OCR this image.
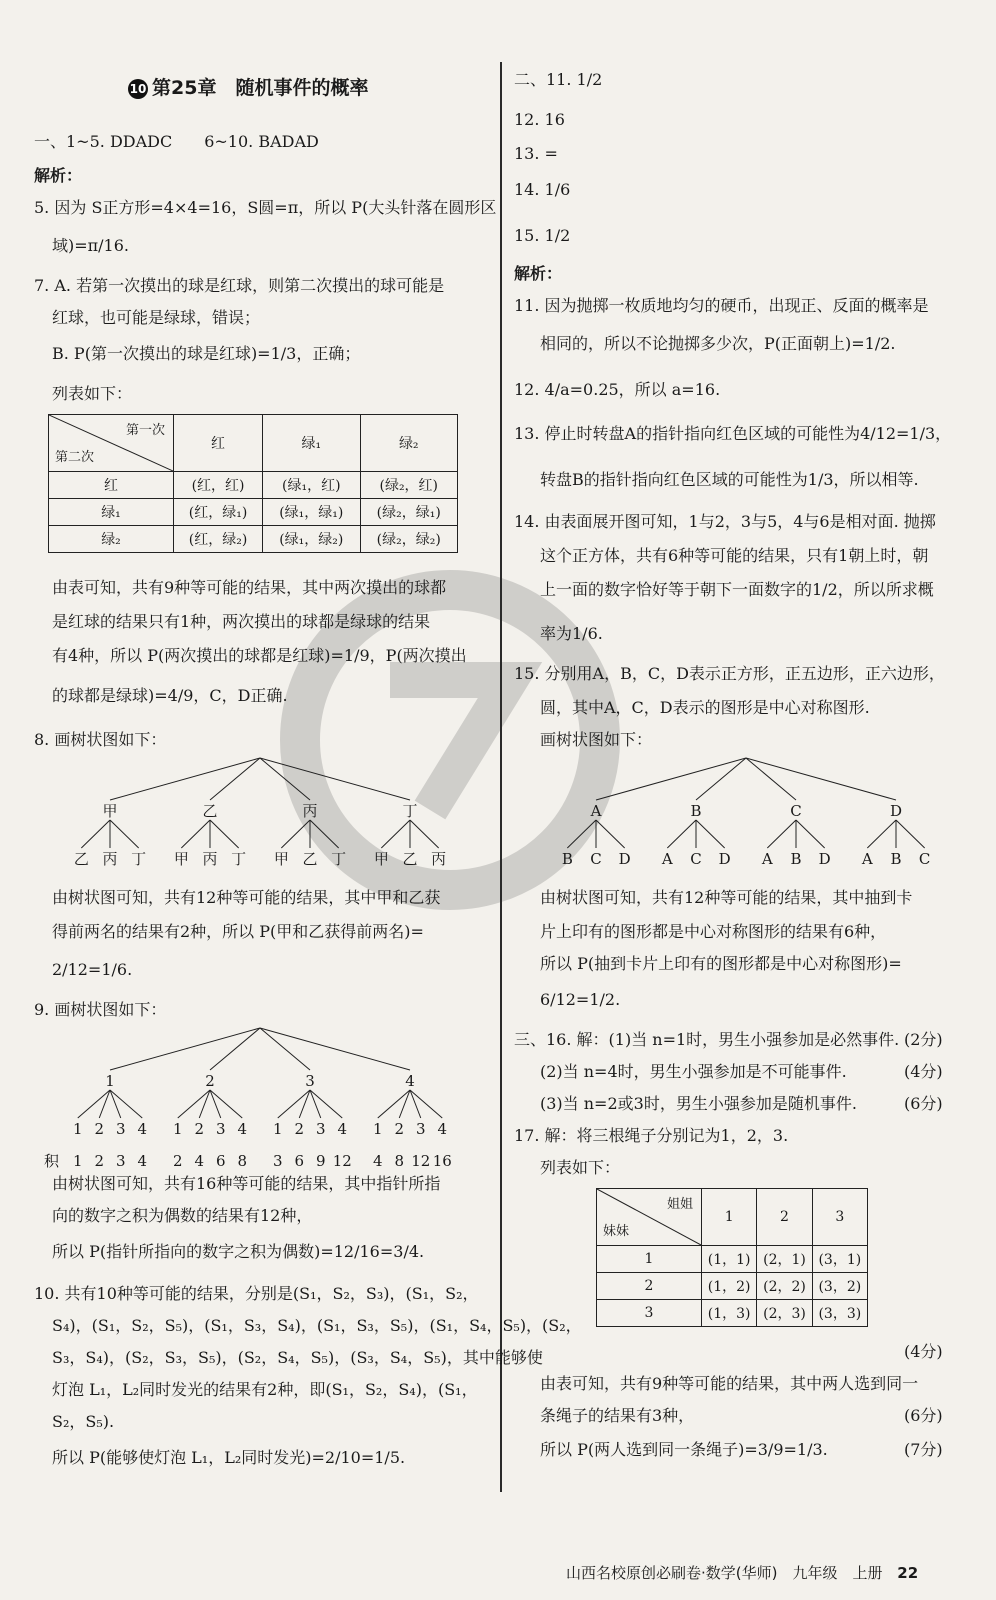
10 第25章　随机事件的概率
一、1~5. DDADC　　6~10. BADAD
解析：
5. 因为 S正方形=4×4=16，S圆=π，所以 P(大头针落在圆形区
域)=π/16.
7. A. 若第一次摸出的球是红球，则第二次摸出的球可能是
红球，也可能是绿球，错误；
B. P(第一次摸出的球是红球)=1/3，正确；
列表如下：
第一次
第二次	红	绿₁	绿₂
红	(红，红)	(绿₁，红)	(绿₂，红)
绿₁	(红，绿₁)	(绿₁，绿₁)	(绿₂，绿₁)
绿₂	(红，绿₂)	(绿₁，绿₂)	(绿₂，绿₂)
由表可知，共有9种等可能的结果，其中两次摸出的球都
是红球的结果只有1种，两次摸出的球都是绿球的结果
有4种，所以 P(两次摸出的球都是红球)=1/9，P(两次摸出
的球都是绿球)=4/9，C，D正确.
8. 画树状图如下：
甲
乙 丙 丁
乙
甲 丙 丁
丙
甲 乙 丁
丁
甲 乙 丙
由树状图可知，共有12种等可能的结果，其中甲和乙获
得前两名的结果有2种，所以 P(甲和乙获得前两名)=
2/12=1/6.
9. 画树状图如下：
1
1
1
2
2
3
3
4
4
2
1
2
2
4
3
6
4
8
3
1
3
2
6
3
9
4
12
4
1
4
2
8
3
12
4
16
积
由树状图可知，共有16种等可能的结果，其中指针所指
向的数字之积为偶数的结果有12种，
所以 P(指针所指向的数字之积为偶数)=12/16=3/4.
10. 共有10种等可能的结果，分别是(S₁，S₂，S₃)，(S₁，S₂，
S₄)，(S₁，S₂，S₅)，(S₁，S₃，S₄)，(S₁，S₃，S₅)，(S₁，S₄，S₅)，(S₂，
S₃，S₄)，(S₂，S₃，S₅)，(S₂，S₄，S₅)，(S₃，S₄，S₅)，其中能够使
灯泡 L₁，L₂同时发光的结果有2种，即(S₁，S₂，S₄)，(S₁，
S₂，S₅).
所以 P(能够使灯泡 L₁，L₂同时发光)=2/10=1/5.
二、11. 1/2
12. 16
13. =
14. 1/6
15. 1/2
解析：
11. 因为抛掷一枚质地均匀的硬币，出现正、反面的概率是
相同的，所以不论抛掷多少次，P(正面朝上)=1/2.
12. 4/a=0.25，所以 a=16.
13. 停止时转盘A的指针指向红色区域的可能性为4/12=1/3，
转盘B的指针指向红色区域的可能性为1/3，所以相等.
14. 由表面展开图可知，1与2，3与5，4与6是相对面. 抛掷
这个正方体，共有6种等可能的结果，只有1朝上时，朝
上一面的数字恰好等于朝下一面数字的1/2，所以所求概
率为1/6.
15. 分别用A，B，C，D表示正方形，正五边形，正六边形，
圆，其中A，C，D表示的图形是中心对称图形.
画树状图如下：
A
B C D
B
A C D
C
A B D
D
A B C
由树状图可知，共有12种等可能的结果，其中抽到卡
片上印有的图形都是中心对称图形的结果有6种，
所以 P(抽到卡片上印有的图形都是中心对称图形)=
6/12=1/2.
三、16. 解：(1)当 n=1时，男生小强参加是必然事件. (2分)
(2)当 n=4时，男生小强参加是不可能事件.	(4分)
(3)当 n=2或3时，男生小强参加是随机事件.	(6分)
17. 解：将三根绳子分别记为1，2，3.
列表如下：
姐姐
妹妹	1	2	3
1	(1，1)	(2，1)	(3，1)
2	(1，2)	(2，2)	(3，2)
3	(1，3)	(2，3)	(3，3)
(4分)
由表可知，共有9种等可能的结果，其中两人选到同一
条绳子的结果有3种，	(6分)
所以 P(两人选到同一条绳子)=3/9=1/3.	(7分)
山西名校原创必刷卷·数学(华师)　九年级　上册 22
